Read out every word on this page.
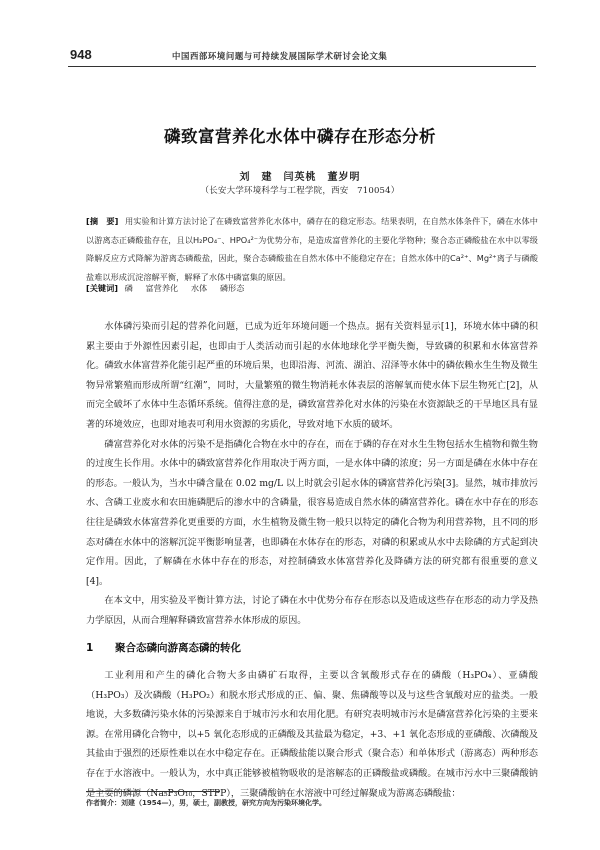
948	中国西部环境问题与可持续发展国际学术研讨会论文集
磷致富营养化水体中磷存在形态分析
刘　建　闫英桃　董岁明
（长安大学环境科学与工程学院，西安　710054）
[摘　要] 用实验和计算方法讨论了在磷致富营养化水体中，磷存在的稳定形态。结果表明，在自然水体条件下，磷在水体中以游离态正磷酸盐存在，且以H₂PO₄⁻、HPO₄²⁻为优势分布，是造成富营养化的主要化学物种；聚合态正磷酸盐在水中以零级降解反应方式降解为游离态磷酸盐，因此，聚合态磷酸盐在自然水体中不能稳定存在；自然水体中的Ca²⁺、Mg²⁺离子与磷酸盐难以形成沉淀溶解平衡，解释了水体中磷富集的原因。
[关键词] 磷 富营养化 水体 磷形态

水体磷污染而引起的营养化问题，已成为近年环境问题一个热点。据有关资料显示[1]，环境水体中磷的积累主要由于外源性因素引起，也即由于人类活动而引起的水体地球化学平衡失衡，导致磷的积累和水体富营养化。磷致水体富营养化能引起严重的环境后果，也即沿海、河流、湖泊、沼泽等水体中的磷依赖水生生物及微生物异常繁殖而形成所谓“红潮”，同时，大量繁殖的微生物消耗水体表层的溶解氧而使水体下层生物死亡[2]，从而完全破坏了水体中生态循环系统。值得注意的是，磷致富营养化对水体的污染在水资源缺乏的干旱地区具有显著的环境效应，也即对地表可利用水资源的劣质化，导致对地下水质的破坏。

磷富营养化对水体的污染不是指磷化合物在水中的存在，而在于磷的存在对水生生物包括水生植物和微生物的过度生长作用。水体中的磷致富营养化作用取决于两方面，一是水体中磷的浓度；另一方面是磷在水体中存在的形态。一般认为，当水中磷含量在 0.02 mg/L 以上时就会引起水体的磷富营养化污染[3]。显然，城市排放污水、含磷工业废水和农田施磷肥后的渗水中的含磷量，很容易造成自然水体的磷富营养化。磷在水中存在的形态往往是磷致水体富营养化更重要的方面，水生植物及微生物一般只以特定的磷化合物为利用营养物，且不同的形态对磷在水体中的溶解沉淀平衡影响显著，也即磷在水体存在的形态，对磷的积累或从水中去除磷的方式起到决定作用。因此，了解磷在水体中存在的形态，对控制磷致水体富营养化及降磷方法的研究都有很重要的意义[4]。

在本文中，用实验及平衡计算方法，讨论了磷在水中优势分布存在形态以及造成这些存在形态的动力学及热力学原因，从而合理解释磷致富营养水体形成的原因。

1 聚合态磷向游离态磷的转化

工业利用和产生的磷化合物大多由磷矿石取得，主要以含氧酸形式存在的磷酸（H₃PO₄）、亚磷酸（H₃PO₃）及次磷酸（H₃PO₂）和脱水形式形成的正、偏、聚、焦磷酸等以及与这些含氧酸对应的盐类。一般地说，大多数磷污染水体的污染源来自于城市污水和农用化肥。有研究表明城市污水是磷富营养化污染的主要来源。在常用磷化合物中，以+5 氧化态形成的正磷酸及其盐最为稳定，+3、+1 氧化态形成的亚磷酸、次磷酸及其盐由于强烈的还原性难以在水中稳定存在。正磷酸盐能以聚合形式（聚合态）和单体形式（游离态）两种形态存在于水溶液中。一般认为，水中真正能够被植物吸收的是溶解态的正磷酸盐或磷酸。在城市污水中三聚磷酸钠是主要的磷源（Na₅P₃O₁₀，STPP），三聚磷酸钠在水溶液中可经过解聚成为游离态磷酸盐：

作者简介：刘建（1954—），男，硕士，副教授，研究方向为污染环境化学。
